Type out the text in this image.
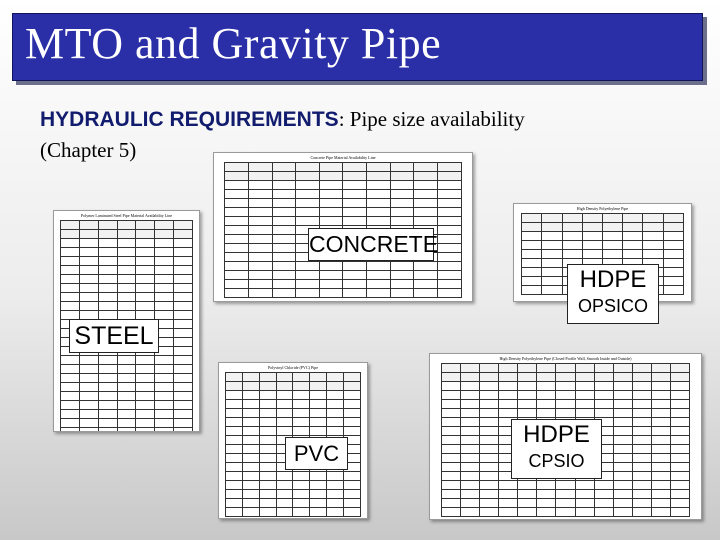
MTO and Gravity Pipe
HYDRAULIC REQUIREMENTS: Pipe size availability
(Chapter 5)	Concrete Pipe Material Availability Line

Polymer Laminated Steel Pipe Material Availability Line

High Density Polyethylene Pipe

Polyvinyl Chloride (PVC) Pipe

High Density Polyethylene Pipe (Closed Profile Wall, Smooth Inside and Outside)

CONCRETE
STEEL
HDPE
OPSICO
PVC
HDPE
CPSIO
